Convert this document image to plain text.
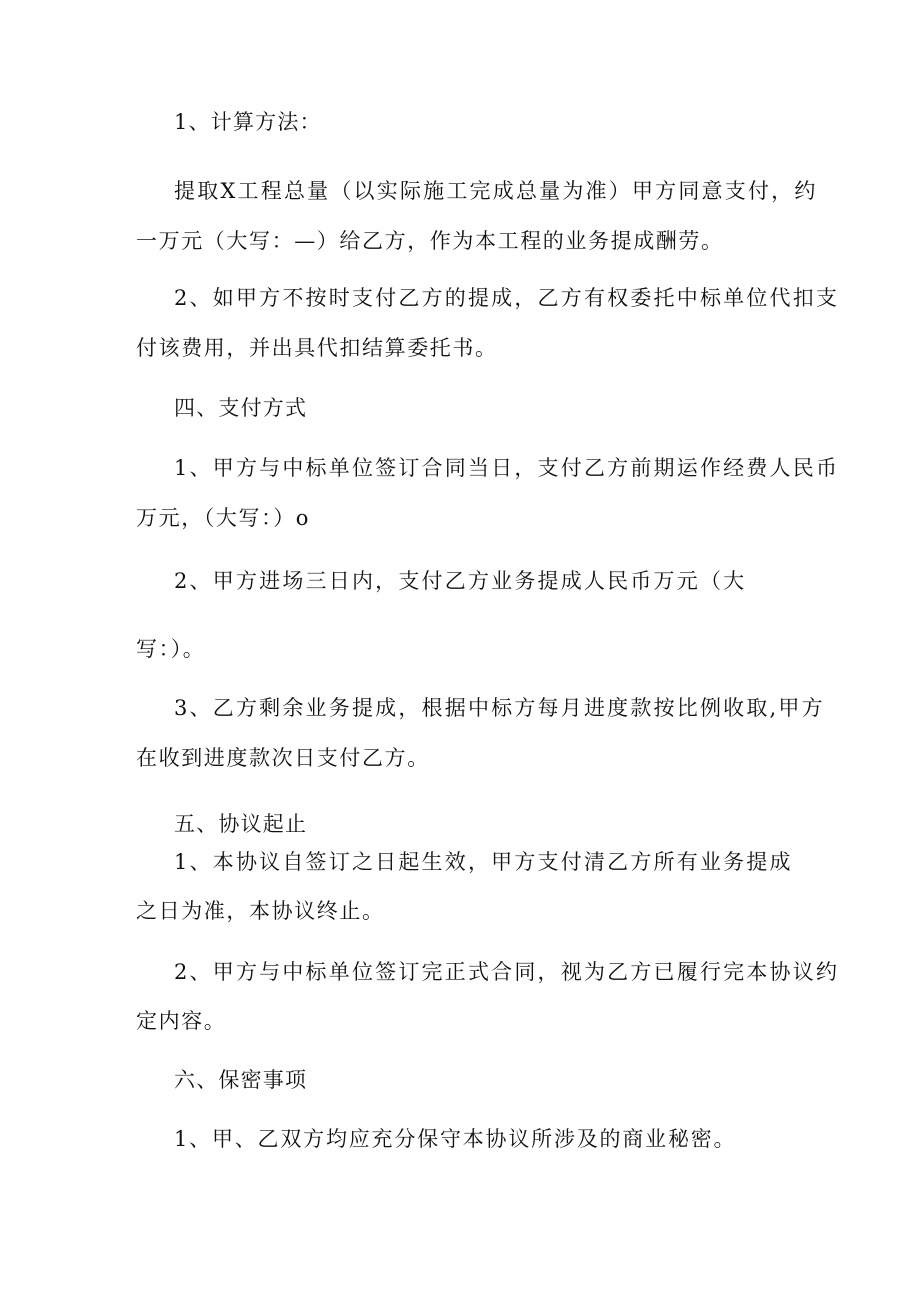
1、计算方法：
提取X工程总量（以实际施工完成总量为准）甲方同意支付，约
一万元（大写：—）给乙方，作为本工程的业务提成酬劳。
2、如甲方不按时支付乙方的提成，乙方有权委托中标单位代扣支
付该费用，并出具代扣结算委托书。
四、支付方式
1、甲方与中标单位签订合同当日，支付乙方前期运作经费人民币
万元，（大写：）o
2、甲方进场三日内，支付乙方业务提成人民币万元（大
写：）。
3、乙方剩余业务提成，根据中标方每月进度款按比例收取,甲方
在收到进度款次日支付乙方。
五、协议起止
1、本协议自签订之日起生效，甲方支付清乙方所有业务提成
之日为准，本协议终止。
2、甲方与中标单位签订完正式合同，视为乙方已履行完本协议约
定内容。
六、保密事项
1、甲、乙双方均应充分保守本协议所涉及的商业秘密。
